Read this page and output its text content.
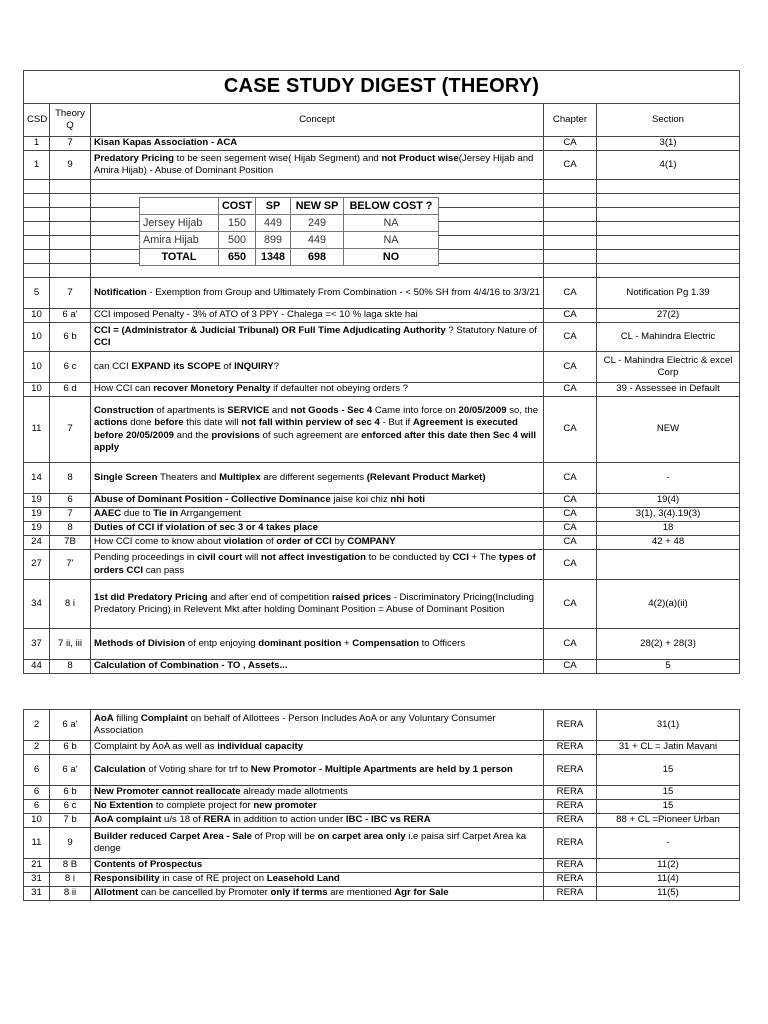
CASE STUDY DIGEST (THEORY)				
CSD	Theory Q	Concept	Chapter	Section
1	7	Kisan Kapas Association - ACA	CA	3(1)
1	9	Predatory Pricing to be seen segement wise( Hijab Segment) and not Product wise(Jersey Hijab and Amira Hijab) - Abuse of Dominant Position	CA	4(1)

5	7	Notification - Exemption from Group and Ultimately From Combination - < 50% SH from 4/4/16 to 3/3/21	CA	Notification Pg 1.39
10	6 a'	CCI imposed Penalty - 3% of ATO of 3 PPY - Chalega =< 10 % laga skte hai	CA	27(2)
10	6 b	CCI = (Administrator & Judicial Tribunal) OR Full Time Adjudicating Authority ? Statutory Nature of CCI	CA	CL - Mahindra Electric
10	6 c	can CCI EXPAND its SCOPE of INQUIRY?	CA	CL - Mahindra Electric & excel Corp
10	6 d	How CCI can recover Monetory Penalty if defaulter not obeying orders ?	CA	39 - Assessee in Default
11	7	Construction of apartments is SERVICE and not Goods - Sec 4 Came into force on 20/05/2009 so, the actions done before this date will not fall within perview of sec 4 - But if Agreement is executed before 20/05/2009 and the provisions of such agreement are enforced after this date then Sec 4 will apply	CA	NEW
14	8	Single Screen Theaters and Multiplex are different segements (Relevant Product Market)	CA	-
19	6	Abuse of Dominant Position - Collective Dominance jaise koi chiz nhi hoti	CA	19(4)
19	7	AAEC due to Tie in Arrgangement	CA	3(1), 3(4).19(3)
19	8	Duties of CCI if violation of sec 3 or 4 takes place	CA	18
24	7B	How CCI come to know about violation of order of CCI by COMPANY	CA	42 + 48
27	7'	Pending proceedings in civil court will not affect investigation to be conducted by CCI + The types of orders CCI can pass	CA	
34	8 i	1st did Predatory Pricing and after end of competition raised prices - Discriminatory Pricing(Including Predatory Pricing) in Relevent Mkt after holding Dominant Position = Abuse of Dominant Position	CA	4(2)(a)(ii)
37	7 ii, iii	Methods of Division of entp enjoying dominant position + Compensation to Officers	CA	28(2) + 28(3)
44	8	Calculation of Combination - TO , Assets...	CA	5
	COST	SP	NEW SP	BELOW COST ?
Jersey Hijab	150	449	249	NA
Amira Hijab	500	899	449	NA
TOTAL	650	1348	698	NO
2	6 a'	AoA filling Complaint on behalf of Allottees - Person Includes AoA or any Voluntary Consumer Association	RERA	31(1)
2	6 b	Complaint by AoA as well as individual capacity	RERA	31 + CL = Jatin Mavani
6	6 a'	Calculation of Voting share for trf to New Promotor - Multiple Apartments are held by 1 person	RERA	15
6	6 b	New Promoter cannot reallocate already made allotments	RERA	15
6	6 c	No Extention to complete project for new promoter	RERA	15
10	7 b	AoA complaint u/s 18 of RERA in addition to action under IBC - IBC vs RERA	RERA	88 + CL =Pioneer Urban
11	9	Builder reduced Carpet Area - Sale of Prop will be on carpet area only i.e paisa sirf Carpet Area ka denge	RERA	-
21	8 B	Contents of Prospectus	RERA	11(2)
31	8 i	Responsibility in case of RE project on Leasehold Land	RERA	11(4)
31	8 ii	Allotment can be cancelled by Promoter only if terms are mentioned Agr for Sale	RERA	11(5)
